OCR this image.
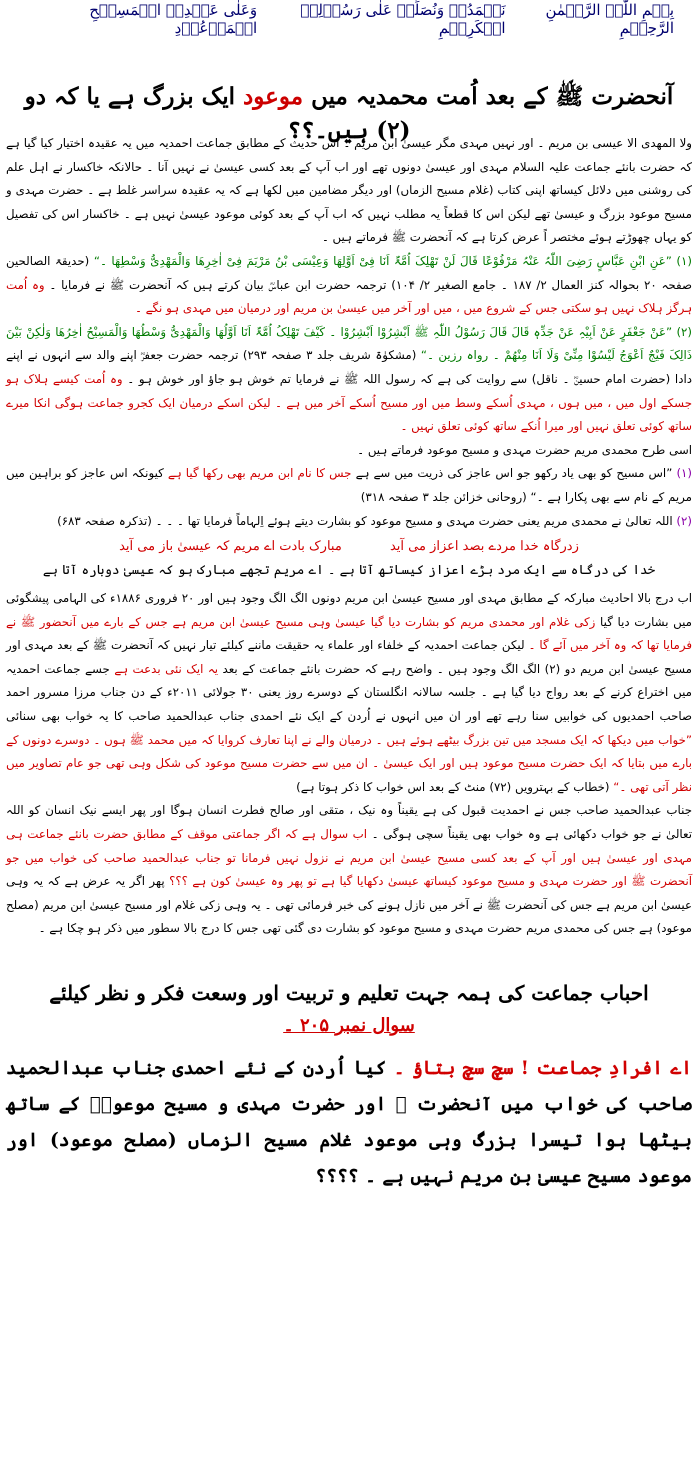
بِسۡمِ اللّٰہِ الرَّحۡمٰنِ الرَّحِیۡمِ
نَحۡمَدُہٗ وَنُصَلِّیۡ عَلٰی رَسُوۡلِہِ الۡکَرِیۡمِ
وَعَلٰی عَبۡدِہِ الۡمَسِیۡحِ الۡمَوۡعُوۡدِ
آنحضرت ﷺ کے بعد اُمت محمدیہ میں موعود ایک بزرگ ہے یا کہ دو (۲) ہیں۔؟؟

ولا المھدی الا عیسی بن مریم ۔ اور نہیں مہدی مگر عیسیٰ ابن مریم ۔ اس حدیث کے مطابق جماعت احمدیہ میں یہ عقیدہ اختیار کیا گیا ہے کہ حضرت بانئے جماعت علیہ السلام مہدی اور عیسیٰ دونوں تھے اور اب آپ کے بعد کسی عیسیٰ نے نہیں آنا ۔ حالانکہ خاکسار نے اہل علم کی روشنی میں دلائل کیساتھ اپنی کتاب (غلام مسیح الزماں) اور دیگر مضامین میں لکھا ہے کہ یہ عقیدہ سراسر غلط ہے ۔ حضرت مہدی و مسیح موعود بزرگ و عیسیٰ تھے لیکن اس کا قطعاً یہ مطلب نہیں کہ اب آپ کے بعد کوئی موعود عیسیٰ نہیں ہے ۔ خاکسار اس کی تفصیل کو یہاں چھوڑتے ہوئے مختصر اً عرض کرتا ہے کہ آنحضرت ﷺ فرماتے ہیں ۔

(۱) ”عَنِ ابْنِ عَبَّاسٍ رَضِیَ اللّٰہُ عَنْہُ مَرْفُوْعًا قَالَ لَنْ تَھْلِکَ اُمَّۃٌ اَنَا فِیْ اَوَّلِھَا وَعِیْسَی بْنُ مَرْیَمَ فِیْ اٰخِرِھَا وَالْمَھْدِیُّ وَسْطِھَا ۔“ (حدیقۃ الصالحین صفحہ ۲۰ بحوالہ کنز العمال ۲/ ۱۸۷ ۔ جامع الصغیر ۲/ ۱۰۴) ترجمہ حضرت ابن عباسؓ بیان کرتے ہیں کہ آنحضرت ﷺ نے فرمایا ۔ وہ اُمت ہرگز ہلاک نہیں ہو سکتی جس کے شروع میں ، میں اور آخر میں عیسیٰ بن مریم اور درمیان میں مہدی ہو نگے ۔

(۲) ”عَنْ جَعْفَرٍ عَنْ اَبِیْہِ عَنْ جَدِّہٖ قَالَ قَالَ رَسُوْلُ اللّٰہِ ﷺ اَبْشِرُوْا اَبْشِرُوْا ۔ کَیْفَ تَھْلِکُ اُمَّۃٌ اَنَا اَوَّلُھَا وَالْمَھْدِیُّ وَسْطُھَا وَالْمَسِیْحُ اٰخِرُھَا وَلٰکِنْ بَیْنَ ذَالِکَ فَیْجٌ اَعْوَجُ لَیْسُوْا مِنِّیْ وَلَا اَنَا مِنْھُمْ ۔ رواہ رزین ۔“ (مشکوٰۃ شریف جلد ۳ صفحہ ۲۹۳) ترجمہ حضرت جعفرؓ اپنے والد سے انہوں نے اپنے دادا (حضرت امام حسینؓ ۔ ناقل) سے روایت کی ہے کہ رسول اللہ ﷺ نے فرمایا تم خوش ہو جاؤ اور خوش ہو ۔ وہ اُمت کیسے ہلاک ہو جسکے اول میں ، میں ہوں ، مہدی اُسکے وسط میں اور مسیح اُسکے آخر میں ہے ۔ لیکن اسکے درمیان ایک کجرو جماعت ہوگی انکا میرے ساتھ کوئی تعلق نہیں اور میرا اُنکے ساتھ کوئی تعلق نہیں ۔

اسی طرح محمدی مریم حضرت مہدی و مسیح موعود فرماتے ہیں ۔

(۱) ”اس مسیح کو بھی یاد رکھو جو اس عاجز کی ذریت میں سے ہے جس کا نام ابن مریم بھی رکھا گیا ہے کیونکہ اس عاجز کو براہین میں مریم کے نام سے بھی پکارا ہے ۔“ (روحانی خزائن جلد ۳ صفحہ ۳۱۸)

(۲) اللہ تعالیٰ نے محمدی مریم یعنی حضرت مہدی و مسیح موعود کو بشارت دیتے ہوئے اِلہاماً فرمایا تھا ۔ ۔ ۔ (تذکرہ صفحہ ۶۸۳)

زدرگاہ خدا مردے بصد اعزاز می آید مبارک بادت اے مریم کہ عیسیٰ باز می آید
خدا کی درگاہ سے ایک مرد بڑے اعزاز کیساتھ آتا ہے ۔ اے مریم تجھے مبارک ہو کہ عیسیٰ دوبارہ آتا ہے

اب درج بالا احادیث مبارکہ کے مطابق مہدی اور مسیح عیسیٰ ابن مریم دونوں الگ الگ وجود ہیں اور ۲۰ فروری ۱۸۸۶ء کی الہامی پیشگوئی میں بشارت دیا گیا زکی غلام اور محمدی مریم کو بشارت دیا گیا عیسیٰ وہی مسیح عیسیٰ ابن مریم ہے جس کے بارے میں آنحضور ﷺ نے فرمایا تھا کہ وہ آخر میں آئے گا ۔ لیکن جماعت احمدیہ کے خلفاء اور علماء یہ حقیقت ماننے کیلئے تیار نہیں کہ آنحضرت ﷺ کے بعد مہدی اور مسیح عیسیٰ ابن مریم دو (۲) الگ الگ وجود ہیں ۔ واضح رہے کہ حضرت بانئے جماعت کے بعد یہ ایک نئی بدعت ہے جسے جماعت احمدیہ میں اختراع کرنے کے بعد رواج دیا گیا ہے ۔ جلسہ سالانہ انگلستان کے دوسرے روز یعنی ۳۰ جولائی ۲۰۱۱ء کے دن جناب مرزا مسرور احمد صاحب احمدیوں کی خوابیں سنا رہے تھے اور ان میں انہوں نے اُردن کے ایک نئے احمدی جناب عبدالحمید صاحب کا یہ خواب بھی سنائی ”خواب میں دیکھا کہ ایک مسجد میں تین بزرگ بیٹھے ہوئے ہیں ۔ درمیان والے نے اپنا تعارف کروایا کہ میں محمد ﷺ ہوں ۔ دوسرے دونوں کے بارے میں بتایا کہ ایک حضرت مسیح موعود ہیں اور ایک عیسیٰ ۔ ان میں سے حضرت مسیح موعود کی شکل وہی تھی جو عام تصاویر میں نظر آتی تھی ۔“ (خطاب کے بہترویں (۷۲) منٹ کے بعد اس خواب کا ذکر ہوتا ہے)

جناب عبدالحمید صاحب جس نے احمدیت قبول کی ہے یقیناً وہ نیک ، متقی اور صالح فطرت انسان ہوگا اور پھر ایسے نیک انسان کو اللہ تعالیٰ نے جو خواب دکھائی ہے وہ خواب بھی یقیناً سچی ہوگی ۔ اب سوال ہے کہ اگر جماعتی موقف کے مطابق حضرت بانئے جماعت ہی مہدی اور عیسیٰ ہیں اور آپ کے بعد کسی مسیح عیسیٰ ابن مریم نے نزول نہیں فرمانا تو جناب عبدالحمید صاحب کی خواب میں جو آنحضرت ﷺ اور حضرت مہدی و مسیح موعود کیساتھ عیسیٰ دکھایا گیا ہے تو پھر وہ عیسیٰ کون ہے ؟؟؟ پھر اگر یہ عرض ہے کہ یہ وہی عیسیٰ ابن مریم ہے جس کی آنحضرت ﷺ نے آخر میں نازل ہونے کی خبر فرمائی تھی ۔ یہ وہی زکی غلام اور مسیح عیسیٰ ابن مریم (مصلح موعود) ہے جس کی محمدی مریم حضرت مہدی و مسیح موعود کو بشارت دی گئی تھی جس کا درج بالا سطور میں ذکر ہو چکا ہے ۔

احباب جماعت کی ہمہ جہت تعلیم و تربیت اور وسعت فکر و نظر کیلئے
سوال نمبر ۲۰۵ ۔
اے افرادِ جماعت ! سچ سچ بتاؤ ۔ کیا اُردن کے نئے احمدی جناب عبدالحمید صاحب کی خواب میں آنحضرت ﷺ اور حضرت مہدی و مسیح موعودؑ کے ساتھ بیٹھا ہوا تیسرا بزرگ وہی موعود غلام مسیح الزماں (مصلح موعود) اور موعود مسیح عیسیٰ بن مریم نہیں ہے ۔ ؟؟؟؟
